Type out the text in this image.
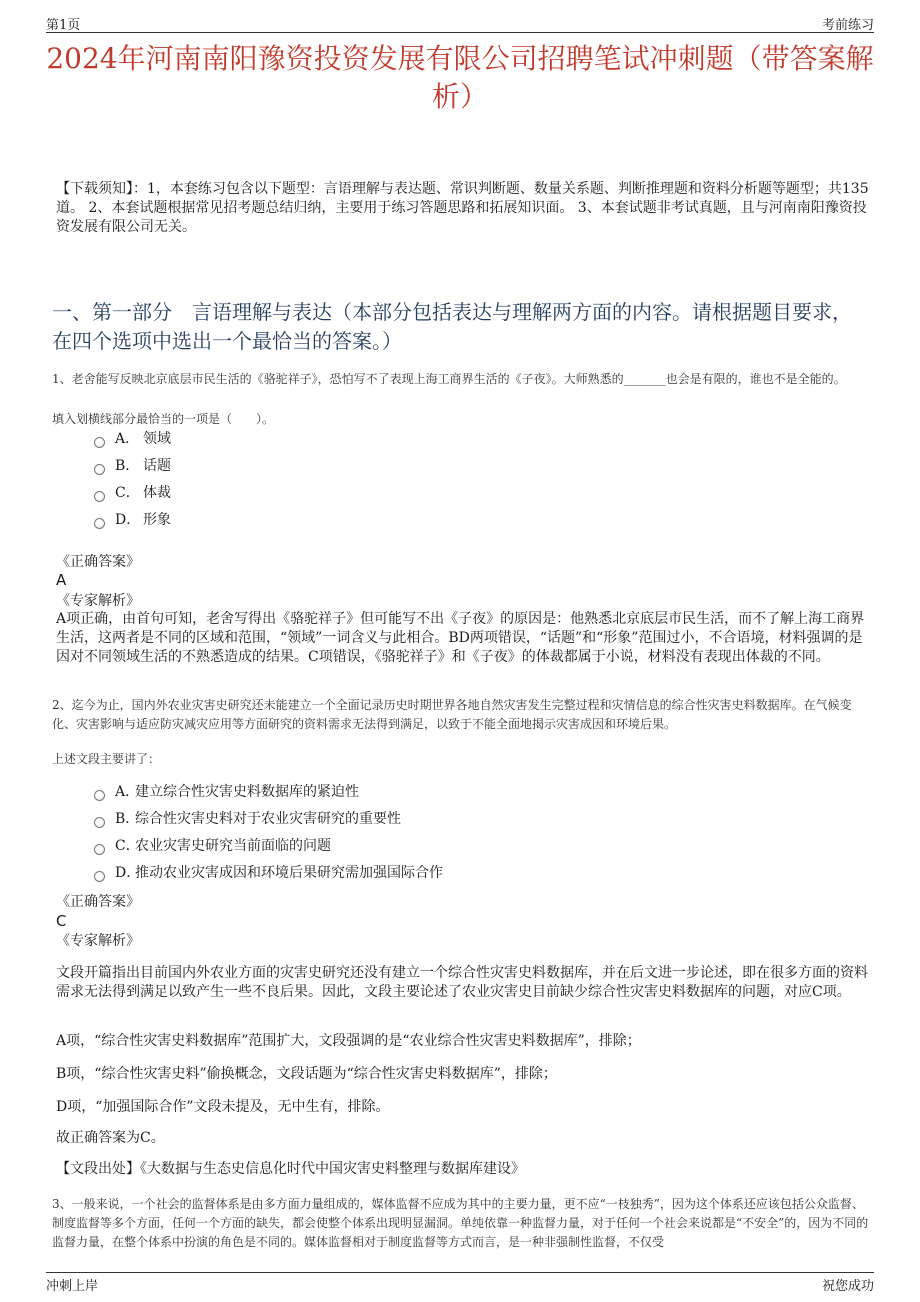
第1页	考前练习
2024年河南南阳豫资投资发展有限公司招聘笔试冲刺题（带答案解析）
【下载须知】：1，本套练习包含以下题型：言语理解与表达题、常识判断题、数量关系题、判断推理题和资料分析题等题型；共135道。 2、本套试题根据常见招考题总结归纳，主要用于练习答题思路和拓展知识面。 3、本套试题非考试真题，且与河南南阳豫资投资发展有限公司无关。
一、第一部分　言语理解与表达（本部分包括表达与理解两方面的内容。请根据题目要求，在四个选项中选出一个最恰当的答案。）
1、老舍能写反映北京底层市民生活的《骆驼祥子》，恐怕写不了表现上海工商界生活的《子夜》。大师熟悉的_______也会是有限的，谁也不是全能的。
填入划横线部分最恰当的一项是（　　）。
A． 领域
B． 话题
C． 体裁
D． 形象
《正确答案》
A
《专家解析》
A项正确，由首句可知，老舍写得出《骆驼祥子》但可能写不出《子夜》的原因是：他熟悉北京底层市民生活，而不了解上海工商界生活，这两者是不同的区域和范围，“领域”一词含义与此相合。BD两项错误，“话题”和“形象”范围过小，不合语境，材料强调的是因对不同领域生活的不熟悉造成的结果。C项错误，《骆驼祥子》和《子夜》的体裁都属于小说，材料没有表现出体裁的不同。
2、迄今为止，国内外农业灾害史研究还未能建立一个全面记录历史时期世界各地自然灾害发生完整过程和灾情信息的综合性灾害史料数据库。在气候变化、灾害影响与适应防灾减灾应用等方面研究的资料需求无法得到满足，以致于不能全面地揭示灾害成因和环境后果。
上述文段主要讲了：
A．
建立综合性灾害史料数据库的紧迫性
B．
综合性灾害史料对于农业灾害研究的重要性
C．
农业灾害史研究当前面临的问题
D．
推动农业灾害成因和环境后果研究需加强国际合作
《正确答案》
C
《专家解析》
文段开篇指出目前国内外农业方面的灾害史研究还没有建立一个综合性灾害史料数据库，并在后文进一步论述，即在很多方面的资料需求无法得到满足以致产生一些不良后果。因此，文段主要论述了农业灾害史目前缺少综合性灾害史料数据库的问题，对应C项。
A项，“综合性灾害史料数据库”范围扩大，文段强调的是“农业综合性灾害史料数据库”，排除；
B项，“综合性灾害史料”偷换概念，文段话题为“综合性灾害史料数据库”，排除；
D项，“加强国际合作”文段未提及，无中生有，排除。
故正确答案为C。
【文段出处】《大数据与生态史信息化时代中国灾害史料整理与数据库建设》
3、一般来说，一个社会的监督体系是由多方面力量组成的，媒体监督不应成为其中的主要力量，更不应“一枝独秀”，因为这个体系还应该包括公众监督、制度监督等多个方面，任何一个方面的缺失，都会使整个体系出现明显漏洞。单纯依靠一种监督力量，对于任何一个社会来说都是“不安全”的，因为不同的监督力量，在整个体系中扮演的角色是不同的。媒体监督相对于制度监督等方式而言，是一种非强制性监督，不仅受
冲刺上岸	祝您成功
